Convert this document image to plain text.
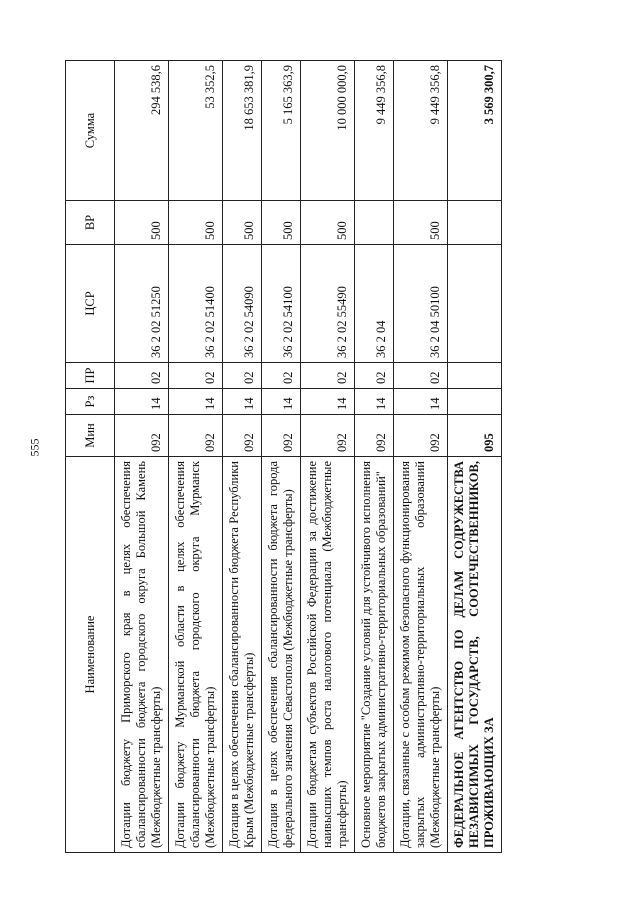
555
Наименование	Мин	Рз	ПР	ЦСР	ВР	Сумма
Дотации бюджету Приморского края в целях обеспечения сбалансированности бюджета городского округа Большой Камень (Межбюджетные трансферты)	092	14	02	36 2 02 51250	500	294 538,6
Дотации бюджету Мурманской области в целях обеспечения сбалансированности бюджета городского округа Мурманск (Межбюджетные трансферты)	092	14	02	36 2 02 51400	500	53 352,5
Дотация в целях обеспечения сбалансированности бюджета Республики Крым (Межбюджетные трансферты)	092	14	02	36 2 02 54090	500	18 653 381,9
Дотация в целях обеспечения сбалансированности бюджета города федерального значения Севастополя (Межбюджетные трансферты)	092	14	02	36 2 02 54100	500	5 165 363,9
Дотации бюджетам субъектов Российской Федерации за достижение наивысших темпов роста налогового потенциала (Межбюджетные трансферты)	092	14	02	36 2 02 55490	500	10 000 000,0
Основное мероприятие "Создание условий для устойчивого исполнения бюджетов закрытых административно-территориальных образований"	092	14	02	36 2 04		9 449 356,8
Дотации, связанные с особым режимом безопасного функционирования закрытых административно-территориальных образований (Межбюджетные трансферты)	092	14	02	36 2 04 50100	500	9 449 356,8
ФЕДЕРАЛЬНОЕ АГЕНТСТВО ПО ДЕЛАМ СОДРУЖЕСТВА НЕЗАВИСИМЫХ ГОСУДАРСТВ, СООТЕЧЕСТВЕННИКОВ, ПРОЖИВАЮЩИХ ЗА	095					3 569 300,7
